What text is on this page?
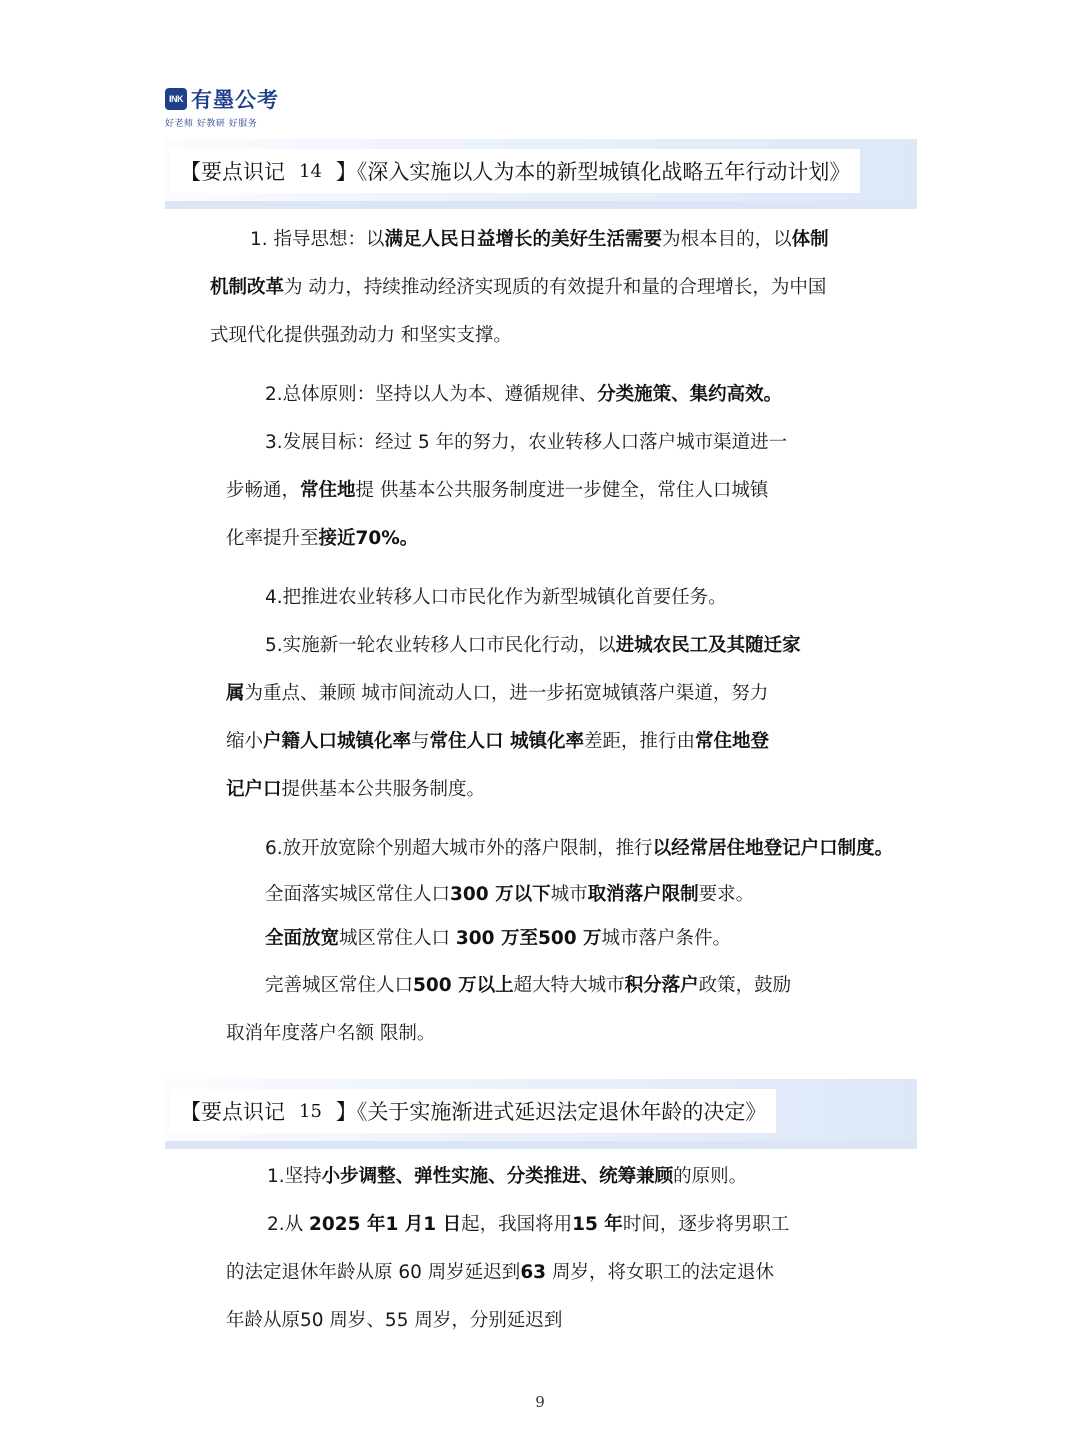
INK 有墨公考
好老师 好教研 好服务
【要点识记 14 】《深入实施以人为本的新型城镇化战略五年行动计划》
1. 指导思想：以满足人民日益增长的美好生活需要为根本目的，以体制
机制改革为 动力，持续推动经济实现质的有效提升和量的合理增长，为中国
式现代化提供强劲动力 和坚实支撑。
2.总体原则：坚持以人为本、遵循规律、分类施策、集约高效。
3.发展目标：经过 5 年的努力，农业转移人口落户城市渠道进一
步畅通，常住地提 供基本公共服务制度进一步健全，常住人口城镇
化率提升至接近70%。
4.把推进农业转移人口市民化作为新型城镇化首要任务。
5.实施新一轮农业转移人口市民化行动，以进城农民工及其随迁家
属为重点、兼顾 城市间流动人口，进一步拓宽城镇落户渠道，努力
缩小户籍人口城镇化率与常住人口 城镇化率差距，推行由常住地登
记户口提供基本公共服务制度。
6.放开放宽除个别超大城市外的落户限制，推行以经常居住地登记户口制度。
全面落实城区常住人口300 万以下城市取消落户限制要求。
全面放宽城区常住人口 300 万至500 万城市落户条件。
完善城区常住人口500 万以上超大特大城市积分落户政策，鼓励
取消年度落户名额 限制。
【要点识记 15 】《关于实施渐进式延迟法定退休年龄的决定》
1.坚持小步调整、弹性实施、分类推进、统筹兼顾的原则。
2.从 2025 年1 月1 日起，我国将用15 年时间，逐步将男职工
的法定退休年龄从原 60 周岁延迟到63 周岁，将女职工的法定退休
年龄从原50 周岁、55 周岁，分别延迟到
9
